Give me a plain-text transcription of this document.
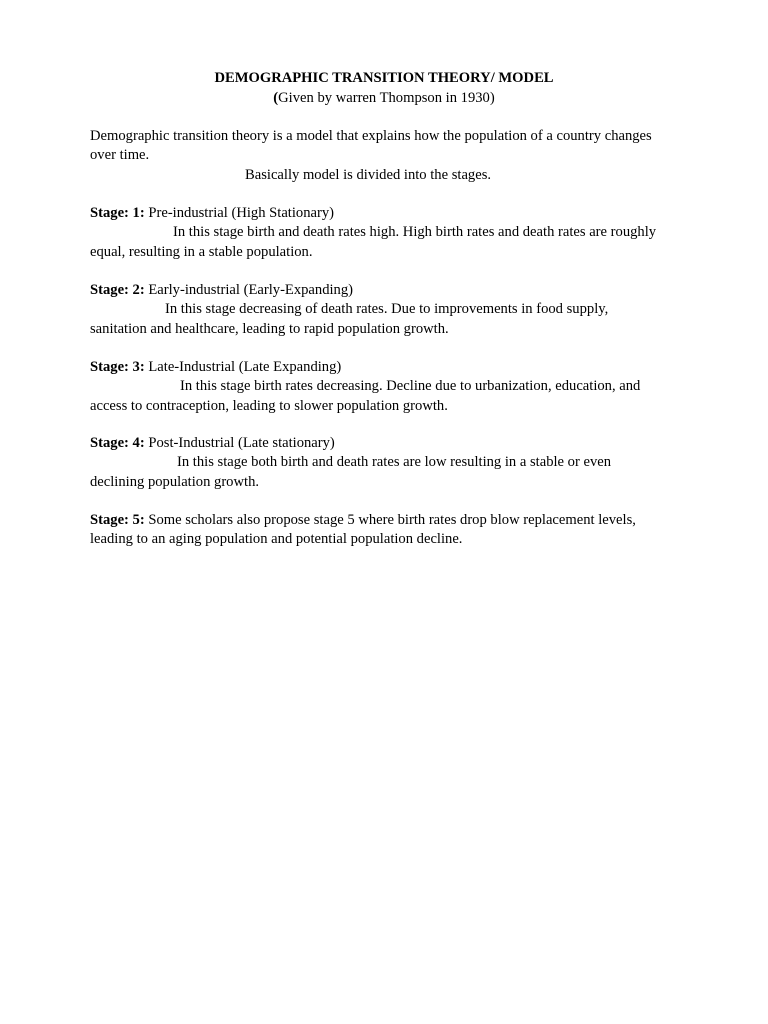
DEMOGRAPHIC TRANSITION THEORY/ MODEL
(Given by warren Thompson in 1930)
Demographic transition theory is a model that explains how the population of a country changes
over time.
Basically model is divided into the stages.
Stage: 1: Pre-industrial (High Stationary)
In this stage birth and death rates high. High birth rates and death rates are roughly
equal, resulting in a stable population.
Stage: 2: Early-industrial (Early-Expanding)
In this stage decreasing of death rates. Due to improvements in food supply,
sanitation and healthcare, leading to rapid population growth.
Stage: 3: Late-Industrial (Late Expanding)
In this stage birth rates decreasing. Decline due to urbanization, education, and
access to contraception, leading to slower population growth.
Stage: 4: Post-Industrial (Late stationary)
In this stage both birth and death rates are low resulting in a stable or even
declining population growth.
Stage: 5: Some scholars also propose stage 5 where birth rates drop blow replacement levels,
leading to an aging population and potential population decline.
